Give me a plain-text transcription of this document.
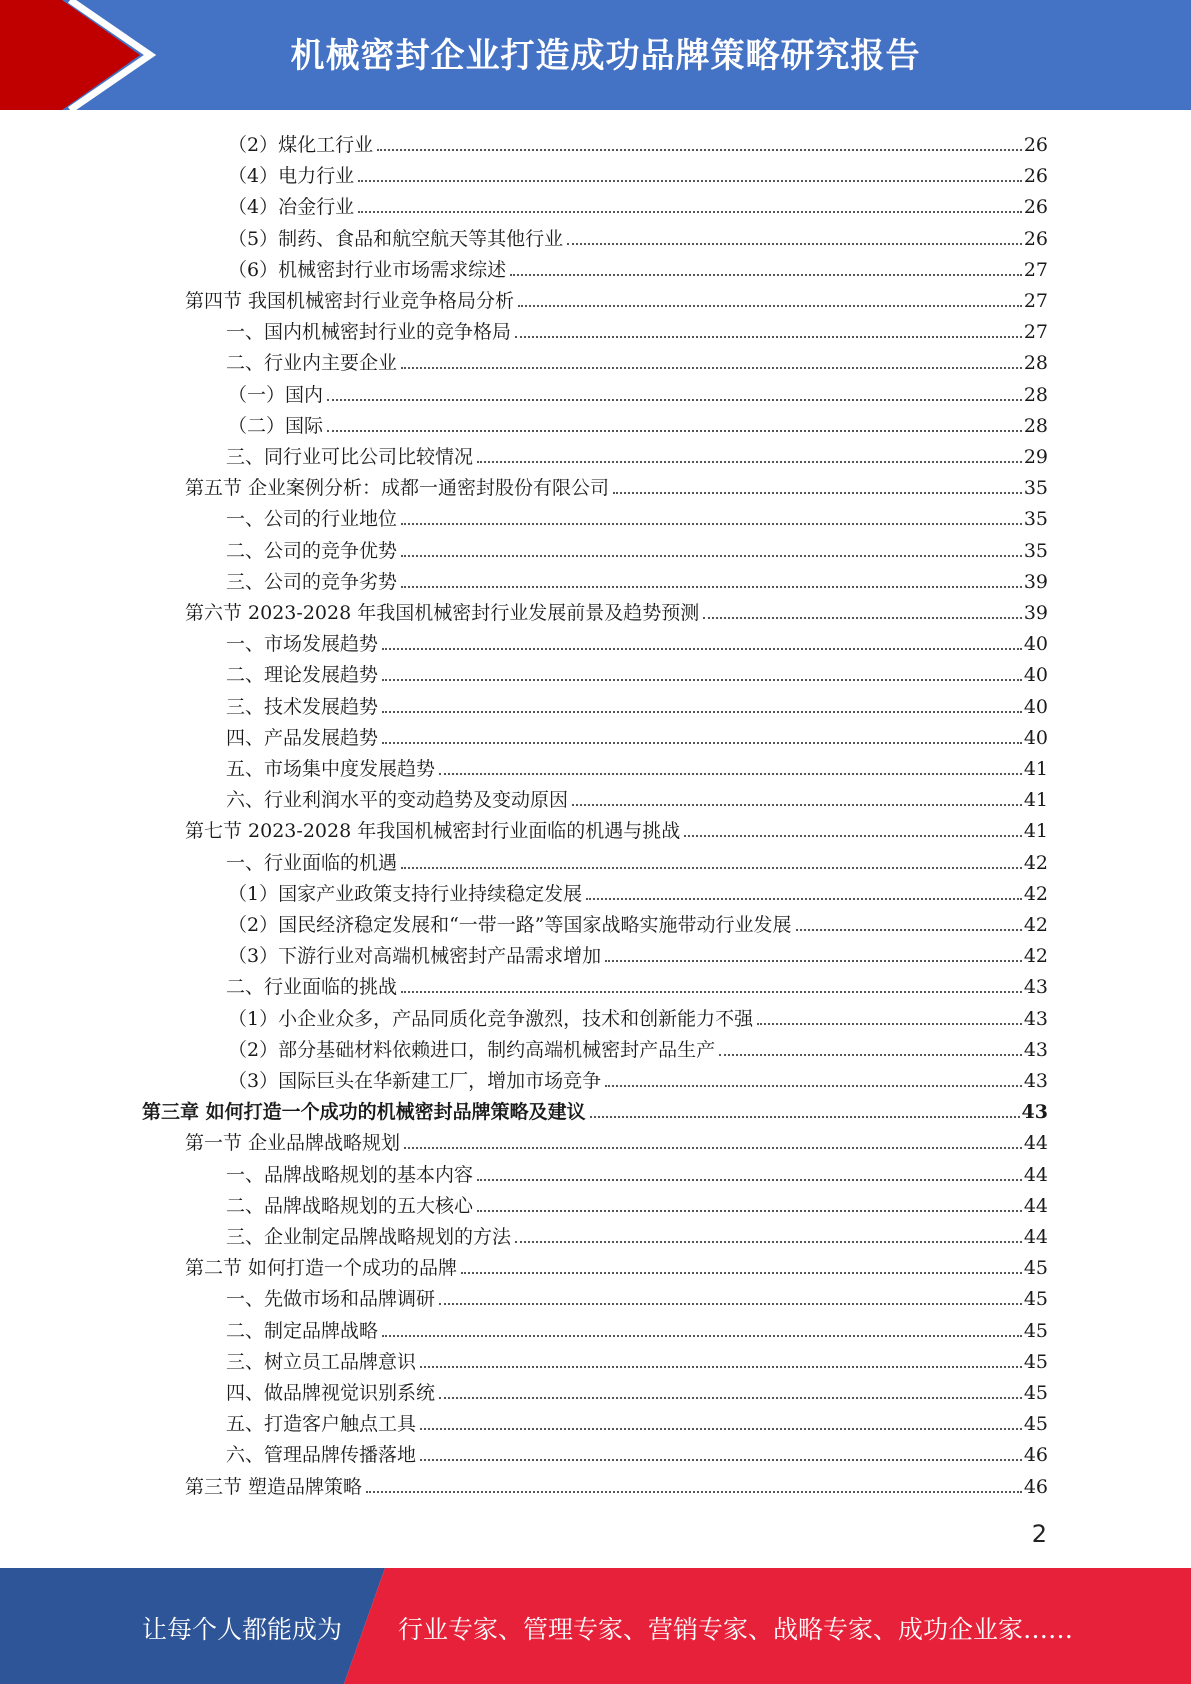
机械密封企业打造成功品牌策略研究报告
（2）煤化工行业	26
（4）电力行业	26
（4）冶金行业	26
（5）制药、食品和航空航天等其他行业	26
（6）机械密封行业市场需求综述	27
第四节 我国机械密封行业竞争格局分析	27
一、国内机械密封行业的竞争格局	27
二、行业内主要企业	28
（一）国内	28
（二）国际	28
三、同行业可比公司比较情况	29
第五节 企业案例分析：成都一通密封股份有限公司	35
一、公司的行业地位	35
二、公司的竞争优势	35
三、公司的竞争劣势	39
第六节 2023-2028 年我国机械密封行业发展前景及趋势预测	39
一、市场发展趋势	40
二、理论发展趋势	40
三、技术发展趋势	40
四、产品发展趋势	40
五、市场集中度发展趋势	41
六、行业利润水平的变动趋势及变动原因	41
第七节 2023-2028 年我国机械密封行业面临的机遇与挑战	41
一、行业面临的机遇	42
（1）国家产业政策支持行业持续稳定发展	42
（2）国民经济稳定发展和“一带一路”等国家战略实施带动行业发展	42
（3）下游行业对高端机械密封产品需求增加	42
二、行业面临的挑战	43
（1）小企业众多，产品同质化竞争激烈，技术和创新能力不强	43
（2）部分基础材料依赖进口，制约高端机械密封产品生产	43
（3）国际巨头在华新建工厂，增加市场竞争	43
第三章 如何打造一个成功的机械密封品牌策略及建议	43
第一节 企业品牌战略规划	44
一、品牌战略规划的基本内容	44
二、品牌战略规划的五大核心	44
三、企业制定品牌战略规划的方法	44
第二节 如何打造一个成功的品牌	45
一、先做市场和品牌调研	45
二、制定品牌战略	45
三、树立员工品牌意识	45
四、做品牌视觉识别系统	45
五、打造客户触点工具	45
六、管理品牌传播落地	46
第三节 塑造品牌策略	46
2
让每个人都能成为 行业专家、管理专家、营销专家、战略专家、成功企业家……
